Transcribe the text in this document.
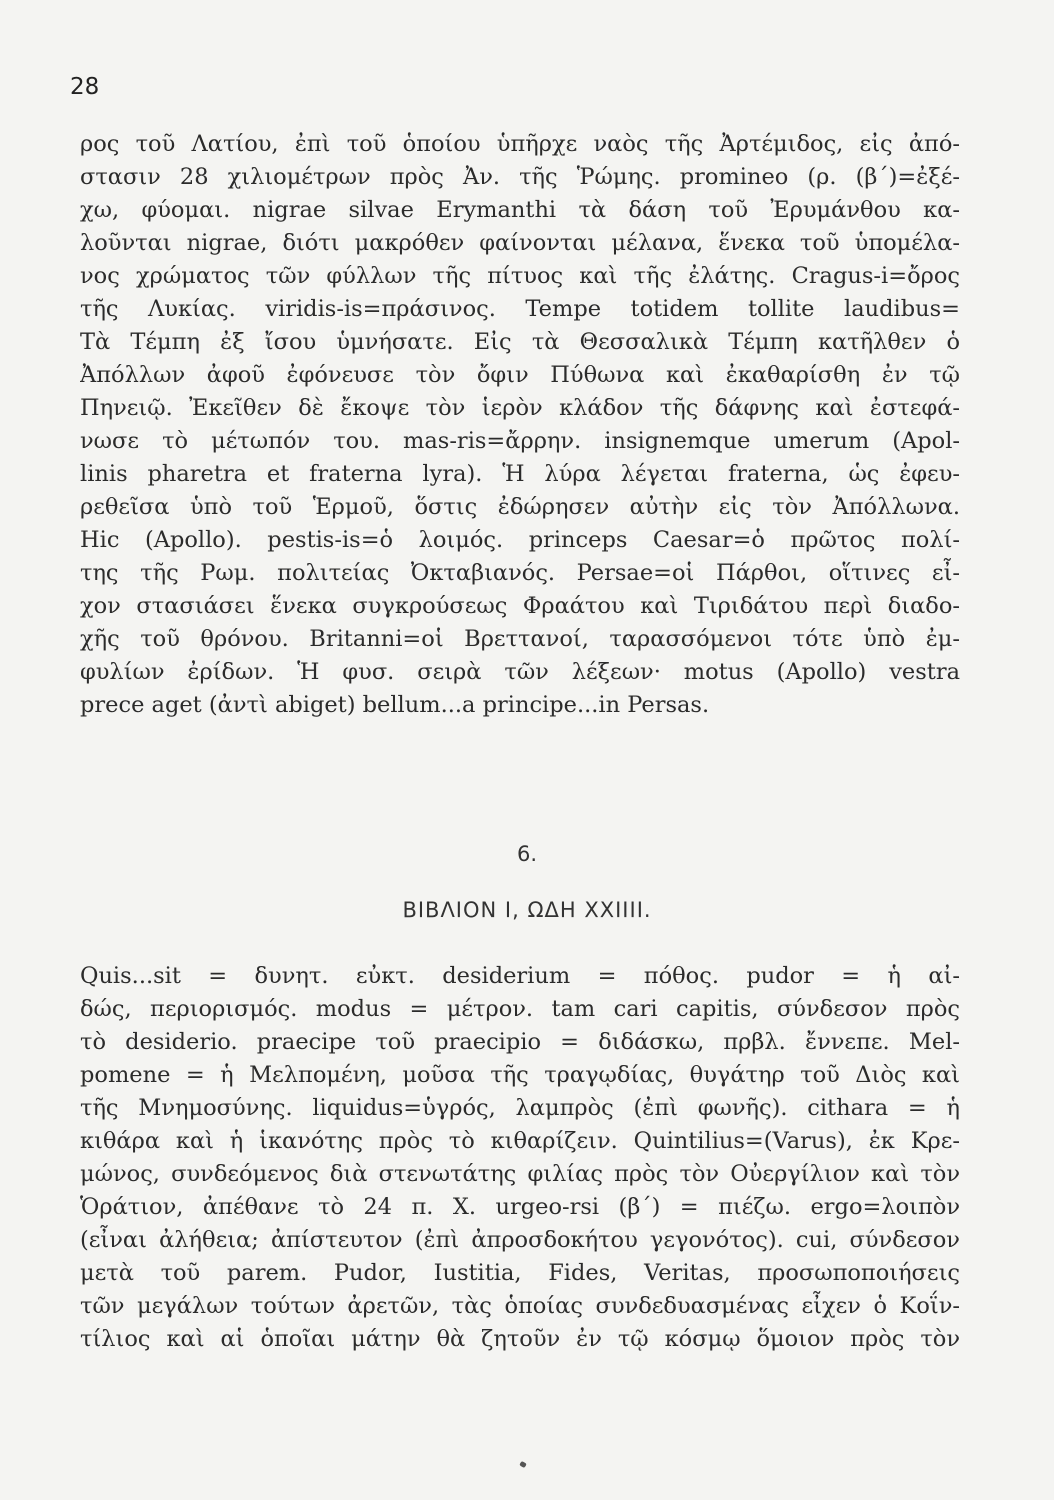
28
ρος τοῦ Λατίου, ἐπὶ τοῦ ὁποίου ὑπῆρχε ναὸς τῆς Ἀρτέμιδος, εἰς ἀπό-
στασιν 28 χιλιομέτρων πρὸς Ἀν. τῆς Ῥώμης. promineo (ρ. (β΄)=ἐξέ-
χω, φύομαι. nigrae silvae Erymanthi τὰ δάση τοῦ Ἐρυμάνθου κα-
λοῦνται nigrae, διότι μακρόθεν φαίνονται μέλανα, ἕνεκα τοῦ ὑπομέλα-
νος χρώματος τῶν φύλλων τῆς πίτυος καὶ τῆς ἐλάτης. Cragus-i=ὄρος
τῆς Λυκίας. viridis-is=πράσινος. Tempe totidem tollite laudibus=
Τὰ Τέμπη ἐξ ἴσου ὑμνήσατε. Εἰς τὰ Θεσσαλικὰ Τέμπη κατῆλθεν ὁ
Ἀπόλλων ἀφοῦ ἐφόνευσε τὸν ὄφιν Πύθωνα καὶ ἐκαθαρίσθη ἐν τῷ
Πηνειῷ. Ἐκεῖθεν δὲ ἔκοψε τὸν ἱερὸν κλάδον τῆς δάφνης καὶ ἐστεφά-
νωσε τὸ μέτωπόν του. mas-ris=ἄρρην. insignemque umerum (Apol-
linis pharetra et fraterna lyra). Ἡ λύρα λέγεται fraterna, ὡς ἐφευ-
ρεθεῖσα ὑπὸ τοῦ Ἑρμοῦ, ὅστις ἐδώρησεν αὐτὴν εἰς τὸν Ἀπόλλωνα.
Hic (Apollo). pestis-is=ὁ λοιμός. princeps Caesar=ὁ πρῶτος πολί-
της τῆς Ρωμ. πολιτείας Ὀκταβιανός. Persae=οἱ Πάρθοι, οἵτινες εἶ-
χον στασιάσει ἕνεκα συγκρούσεως Φραάτου καὶ Τιριδάτου περὶ διαδο-
χῆς τοῦ θρόνου. Britanni=οἱ Βρεττανοί, ταρασσόμενοι τότε ὑπὸ ἐμ-
φυλίων ἐρίδων. Ἡ φυσ. σειρὰ τῶν λέξεων· motus (Apollo) vestra
prece aget (ἀντὶ abiget) bellum...a principe...in Persas.
6.
ΒΙΒΛΙΟΝ Ι, ΩΔΗ ΧΧΙΙΙΙ.
Quis...sit = δυνητ. εὐκτ. desiderium = πόθος. pudor = ἡ αἰ-
δώς, περιορισμός. modus = μέτρον. tam cari capitis, σύνδεσον πρὸς
τὸ desiderio. praecipe τοῦ praecipio = διδάσκω, πρβλ. ἔννεπε. Mel-
pomene = ἡ Μελπομένη, μοῦσα τῆς τραγῳδίας, θυγάτηρ τοῦ Διὸς καὶ
τῆς Μνημοσύνης. liquidus=ὑγρός, λαμπρὸς (ἐπὶ φωνῆς). cithara = ἡ
κιθάρα καὶ ἡ ἱκανότης πρὸς τὸ κιθαρίζειν. Quintilius=(Varus), ἐκ Κρε-
μώνος, συνδεόμενος διὰ στενωτάτης φιλίας πρὸς τὸν Οὐεργίλιον καὶ τὸν
Ὁράτιον, ἀπέθανε τὸ 24 π. Χ. urgeo-rsi (β΄) = πιέζω. ergo=λοιπὸν
(εἶναι ἀλήθεια; ἀπίστευτον (ἐπὶ ἀπροσδοκήτου γεγονότος). cui, σύνδεσον
μετὰ τοῦ parem. Pudor, Iustitia, Fides, Veritas, προσωποποιήσεις
τῶν μεγάλων τούτων ἀρετῶν, τὰς ὁποίας συνδεδυασμένας εἶχεν ὁ Κοΐν-
τίλιος καὶ αἱ ὁποῖαι μάτην θὰ ζητοῦν ἐν τῷ κόσμῳ ὅμοιον πρὸς τὸν
